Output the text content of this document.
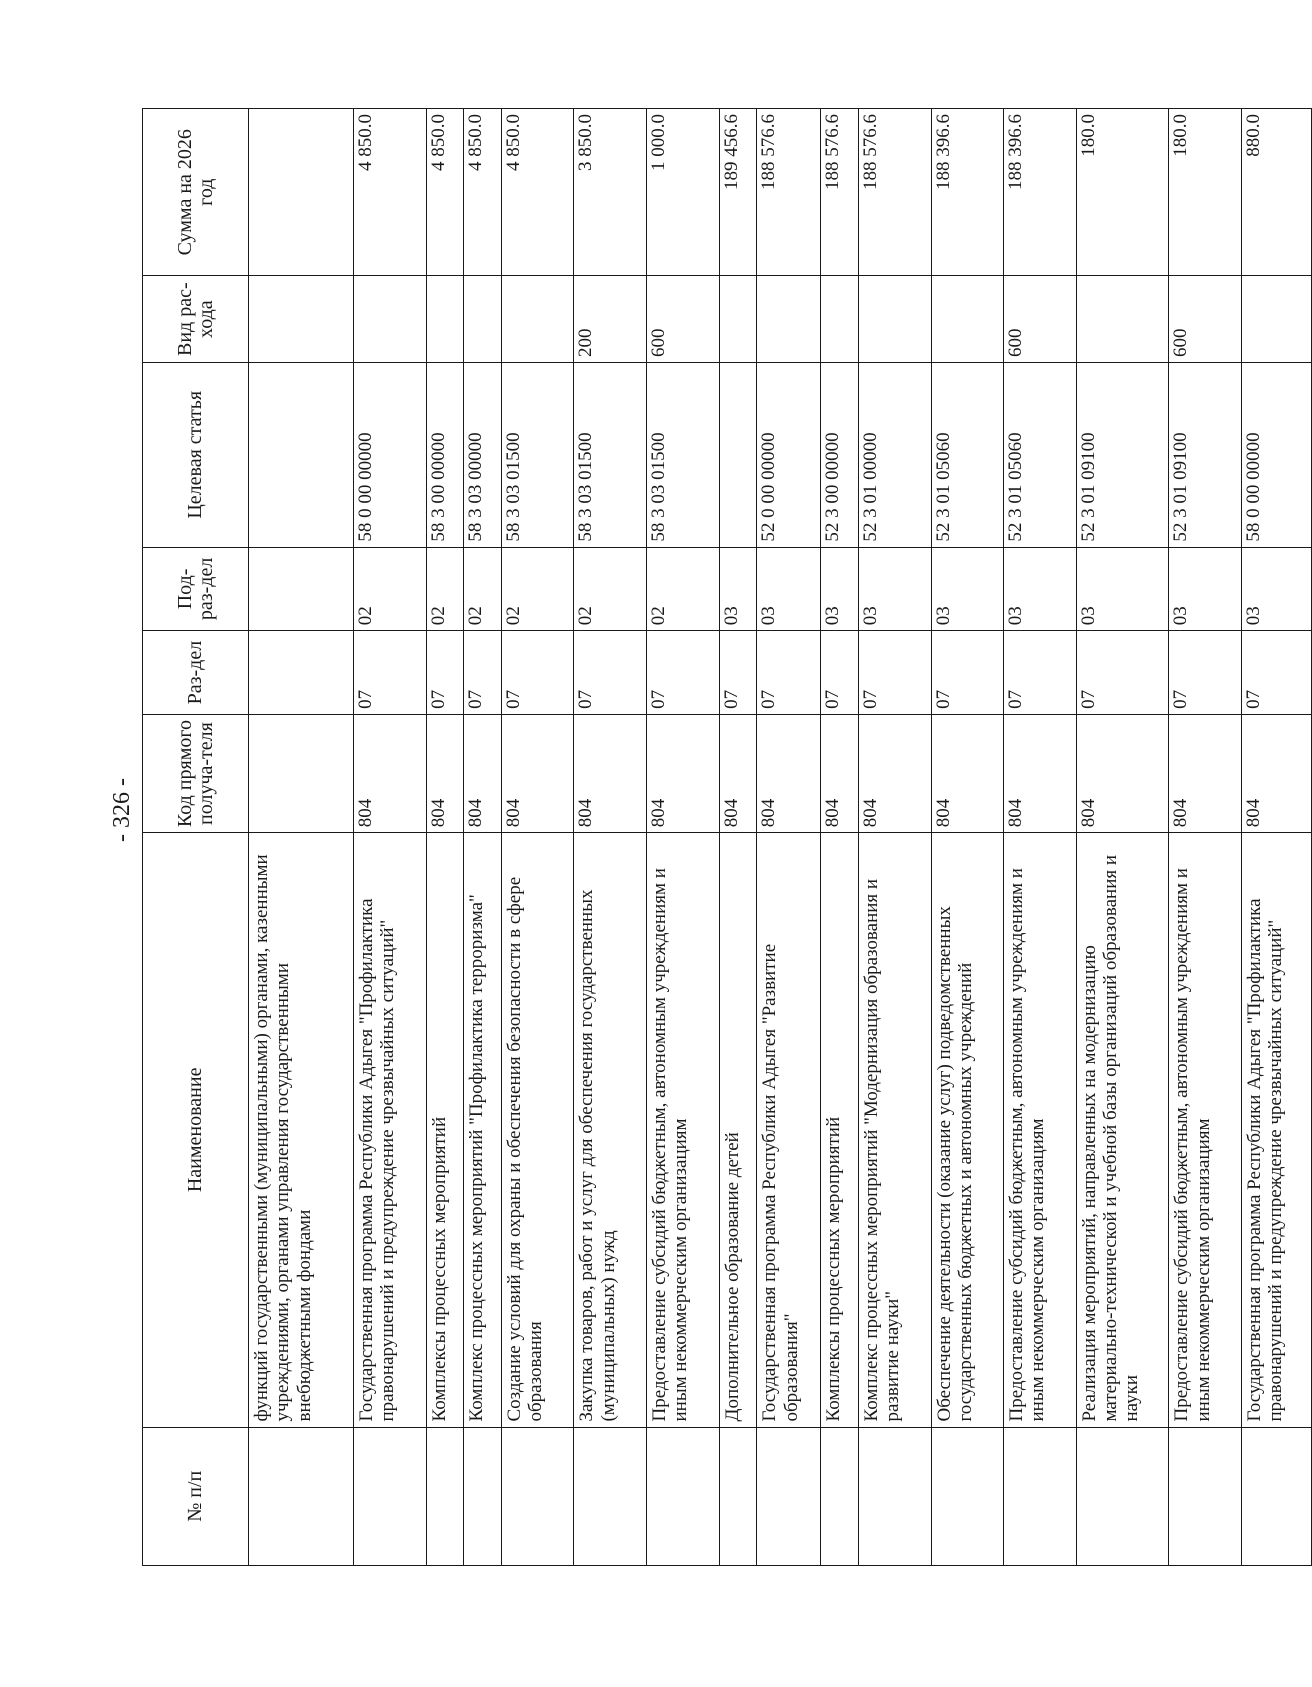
- 326 -
№ п/п	Наименование	Код прямого получа-теля	Раз-дел	Под-раз-дел	Целевая статья	Вид рас-хода	Сумма на 2026 год
	функций государственными (муниципальными) органами, казенными учреждениями, органами управления государственными внебюджетными фондами						
	Государственная программа Республики Адыгея "Профилактика правонарушений и предупреждение чрезвычайных ситуаций"	804	07	02	58 0 00 00000		4 850.0
	Комплексы процессных мероприятий	804	07	02	58 3 00 00000		4 850.0
	Комплекс процессных мероприятий "Профилактика терроризма"	804	07	02	58 3 03 00000		4 850.0
	Создание условий для охраны и обеспечения безопасности в сфере образования	804	07	02	58 3 03 01500		4 850.0
	Закупка товаров, работ и услуг для обеспечения государственных (муниципальных) нужд	804	07	02	58 3 03 01500	200	3 850.0
	Предоставление субсидий бюджетным, автономным учреждениям и иным некоммерческим организациям	804	07	02	58 3 03 01500	600	1 000.0
	Дополнительное образование детей	804	07	03			189 456.6
	Государственная программа Республики Адыгея "Развитие образования"	804	07	03	52 0 00 00000		188 576.6
	Комплексы процессных мероприятий	804	07	03	52 3 00 00000		188 576.6
	Комплекс процессных мероприятий "Модернизация образования и развитие науки"	804	07	03	52 3 01 00000		188 576.6
	Обеспечение деятельности (оказание услуг) подведомственных государственных бюджетных и автономных учреждений	804	07	03	52 3 01 05060		188 396.6
	Предоставление субсидий бюджетным, автономным учреждениям и иным некоммерческим организациям	804	07	03	52 3 01 05060	600	188 396.6
	Реализация мероприятий, направленных на модернизацию материально-технической и учебной базы организаций образования и науки	804	07	03	52 3 01 09100		180.0
	Предоставление субсидий бюджетным, автономным учреждениям и иным некоммерческим организациям	804	07	03	52 3 01 09100	600	180.0
	Государственная программа Республики Адыгея "Профилактика правонарушений и предупреждение чрезвычайных ситуаций"	804	07	03	58 0 00 00000		880.0
